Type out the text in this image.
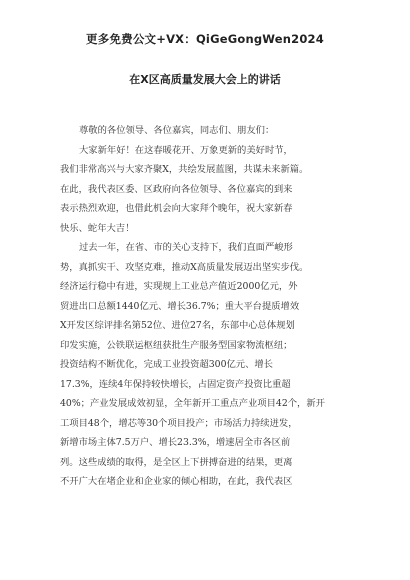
更多免费公文+VX：QiGeGongWen2024
在X区高质量发展大会上的讲话
尊敬的各位领导、各位嘉宾，同志们、朋友们：
大家新年好！在这春暖花开、万象更新的美好时节，
我们非常高兴与大家齐聚X，共绘发展蓝图，共谋未来新篇。
在此，我代表区委、区政府向各位领导、各位嘉宾的到来
表示热烈欢迎，也借此机会向大家拜个晚年，祝大家新春
快乐、蛇年大吉！
过去一年，在省、市的关心支持下，我们直面严峻形
势，真抓实干、攻坚克难，推动X高质量发展迈出坚实步伐。
经济运行稳中有进，实现规上工业总产值近2000亿元，外
贸进出口总额1440亿元、增长36.7%；重大平台提质增效
X开发区综评排名第52位、进位27名，东部中心总体规划
印发实施，公铁联运枢纽获批生产服务型国家物流枢纽；
投资结构不断优化，完成工业投资超300亿元、增长
17.3%，连续4年保持较快增长，占固定资产投资比重超
40%；产业发展成效初显，全年新开工重点产业项目42个，新开
工项目48个，增芯等30个项目投产；市场活力持续迸发，
新增市场主体7.5万户、增长23.3%，增速居全市各区前
列。这些成绩的取得，是全区上下拼搏奋进的结果，更离
不开广大在堵企业和企业家的倾心相助，在此，我代表区
